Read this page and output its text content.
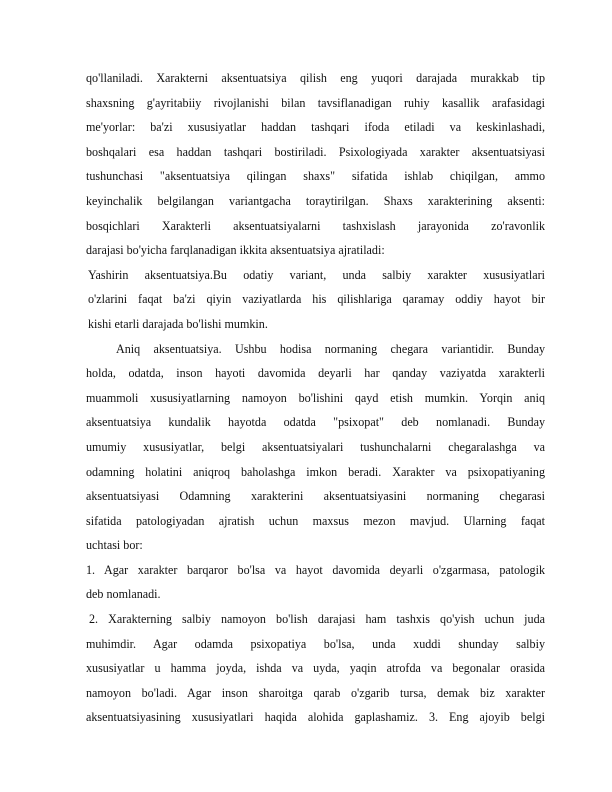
qo'llaniladi. Xarakterni aksentuatsiya qilish eng yuqori darajada murakkab tip
shaxsning g'ayritabiiy rivojlanishi bilan tavsiflanadigan ruhiy kasallik arafasidagi
me'yorlar: ba'zi xususiyatlar haddan tashqari ifoda etiladi va keskinlashadi,
boshqalari esa haddan tashqari bostiriladi. Psixologiyada xarakter aksentuatsiyasi
tushunchasi "aksentuatsiya qilingan shaxs" sifatida ishlab chiqilgan, ammo
keyinchalik belgilangan variantgacha toraytirilgan. Shaxs xarakterining aksenti:
bosqichlari Xarakterli aksentuatsiyalarni tashxislash jarayonida zo'ravonlik
darajasi bo'yicha farqlanadigan ikkita aksentuatsiya ajratiladi:
Yashirin aksentuatsiya.Bu odatiy variant, unda salbiy xarakter xususiyatlari
o'zlarini faqat ba'zi qiyin vaziyatlarda his qilishlariga qaramay oddiy hayot bir
kishi etarli darajada bo'lishi mumkin.
Aniq aksentuatsiya. Ushbu hodisa normaning chegara variantidir. Bunday
holda, odatda, inson hayoti davomida deyarli har qanday vaziyatda xarakterli
muammoli xususiyatlarning namoyon bo'lishini qayd etish mumkin. Yorqin aniq
aksentuatsiya kundalik hayotda odatda "psixopat" deb nomlanadi. Bunday
umumiy xususiyatlar, belgi aksentuatsiyalari tushunchalarni chegaralashga va
odamning holatini aniqroq baholashga imkon beradi. Xarakter va psixopatiyaning
aksentuatsiyasi Odamning xarakterini aksentuatsiyasini normaning chegarasi
sifatida patologiyadan ajratish uchun maxsus mezon mavjud. Ularning faqat
uchtasi bor:
1. Agar xarakter barqaror bo'lsa va hayot davomida deyarli o'zgarmasa, patologik
deb nomlanadi.
2. Xarakterning salbiy namoyon bo'lish darajasi ham tashxis qo'yish uchun juda
muhimdir. Agar odamda psixopatiya bo'lsa, unda xuddi shunday salbiy
xususiyatlar u hamma joyda, ishda va uyda, yaqin atrofda va begonalar orasida
namoyon bo'ladi. Agar inson sharoitga qarab o'zgarib tursa, demak biz xarakter
aksentuatsiyasining xususiyatlari haqida alohida gaplashamiz. 3. Eng ajoyib belgi
